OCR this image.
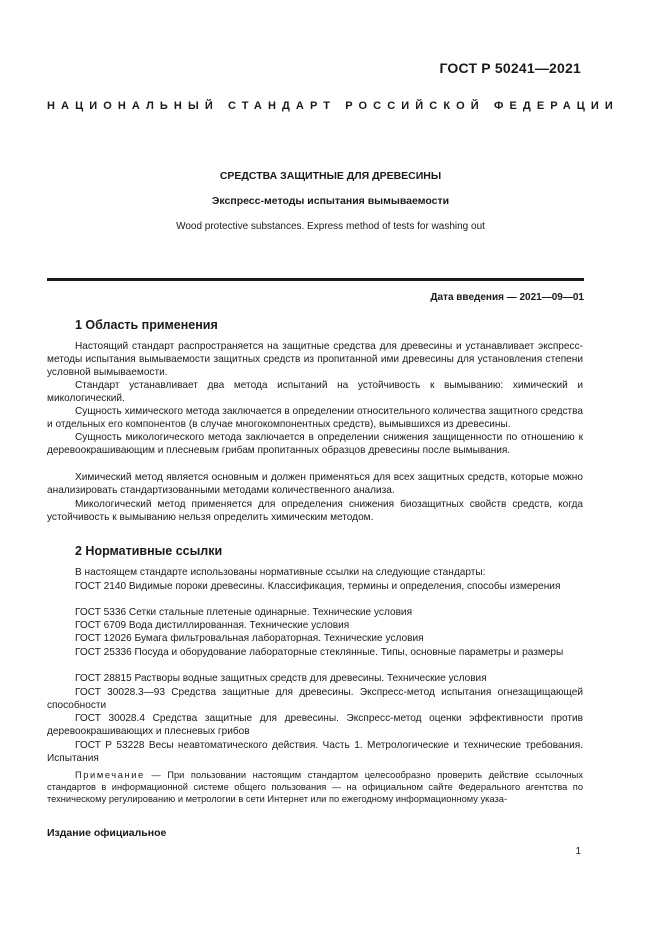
ГОСТ Р 50241—2021
НАЦИОНАЛЬНЫЙ СТАНДАРТ РОССИЙСКОЙ ФЕДЕРАЦИИ
СРЕДСТВА ЗАЩИТНЫЕ ДЛЯ ДРЕВЕСИНЫ
Экспресс-методы испытания вымываемости
Wood protective substances. Express method of tests for washing out
Дата введения — 2021—09—01
1 Область применения
Настоящий стандарт распространяется на защитные средства для древесины и устанавливает экспресс-методы испытания вымываемости защитных средств из пропитанной ими древесины для установления степени условной вымываемости.
Стандарт устанавливает два метода испытаний на устойчивость к вымыванию: химический и микологический.
Сущность химического метода заключается в определении относительного количества защитного средства и отдельных его компонентов (в случае многокомпонентных средств), вымывшихся из древесины.
Сущность микологического метода заключается в определении снижения защищенности по отношению к деревоокрашивающим и плесневым грибам пропитанных образцов древесины после вымывания.
Химический метод является основным и должен применяться для всех защитных средств, которые можно анализировать стандартизованными методами количественного анализа.
Микологический метод применяется для определения снижения биозащитных свойств средств, когда устойчивость к вымыванию нельзя определить химическим методом.
2 Нормативные ссылки
В настоящем стандарте использованы нормативные ссылки на следующие стандарты:
ГОСТ 2140 Видимые пороки древесины. Классификация, термины и определения, способы измерения
ГОСТ 5336 Сетки стальные плетеные одинарные. Технические условия
ГОСТ 6709 Вода дистиллированная. Технические условия
ГОСТ 12026 Бумага фильтровальная лабораторная. Технические условия
ГОСТ 25336 Посуда и оборудование лабораторные стеклянные. Типы, основные параметры и размеры
ГОСТ 28815 Растворы водные защитных средств для древесины. Технические условия
ГОСТ 30028.3—93 Средства защитные для древесины. Экспресс-метод испытания огнезащищающей способности
ГОСТ 30028.4 Средства защитные для древесины. Экспресс-метод оценки эффективности против деревоокрашивающих и плесневых грибов
ГОСТ Р 53228 Весы неавтоматического действия. Часть 1. Метрологические и технические требования. Испытания
Примечание — При пользовании настоящим стандартом целесообразно проверить действие ссылочных стандартов в информационной системе общего пользования — на официальном сайте Федерального агентства по техническому регулированию и метрологии в сети Интернет или по ежегодному информационному указа-
Издание официальное
1
